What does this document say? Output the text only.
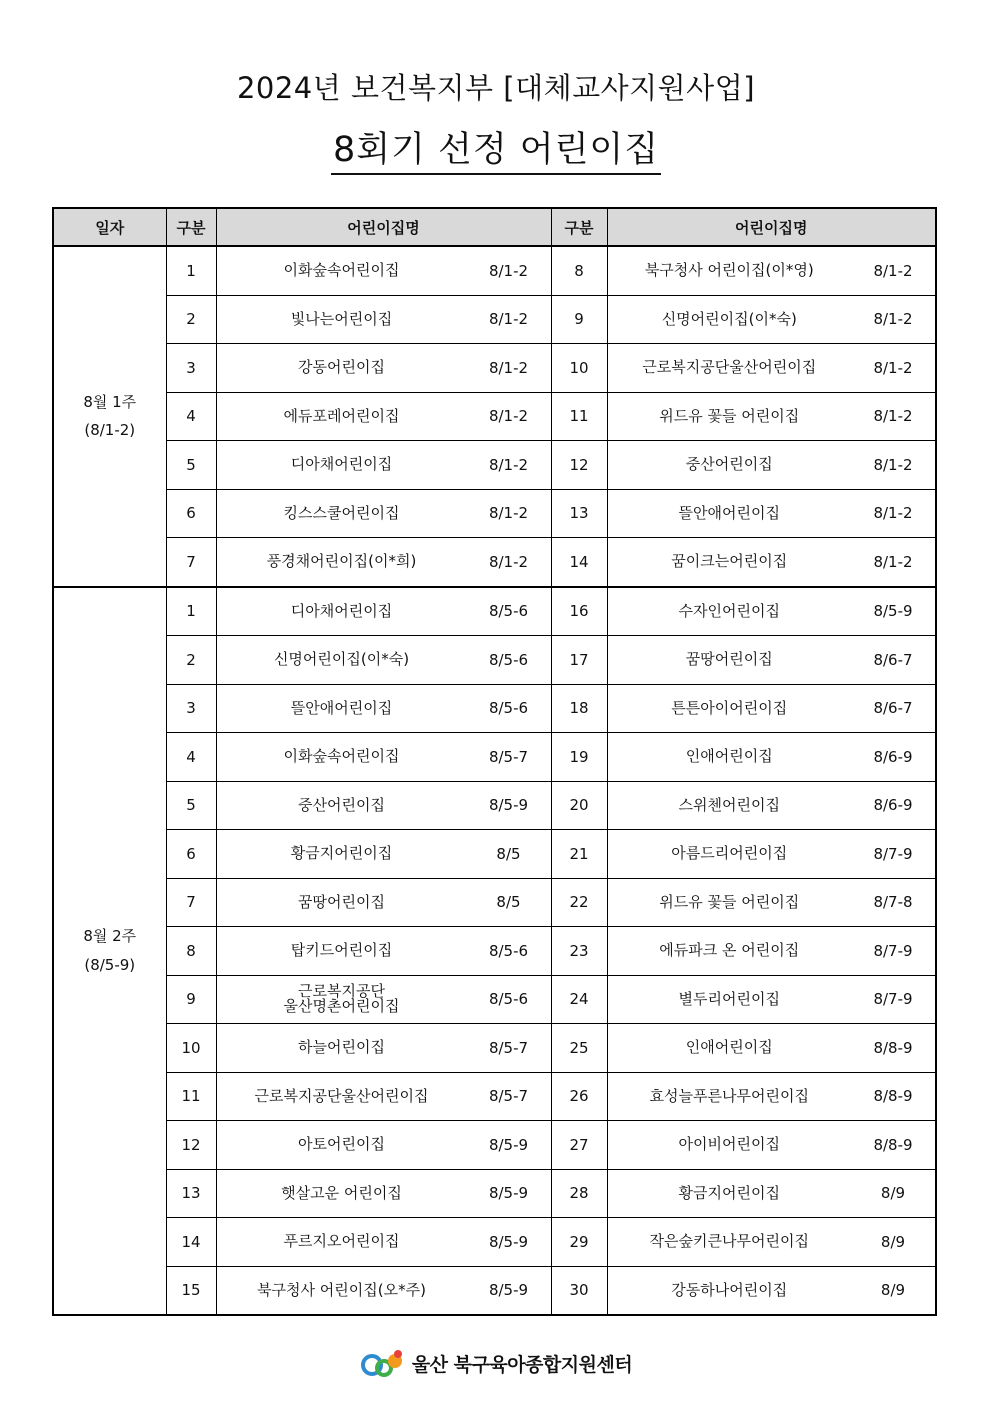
2024년 보건복지부 [대체교사지원사업]
8회기 선정 어린이집
일자	구분	어린이집명	구분	어린이집명

8월 1주
(8/1-2)	1	이화숲속어린이집 8/1-2	8	북구청사 어린이집(이*영) 8/1-2

	2	빛나는어린이집 8/1-2	9	신명어린이집(이*숙) 8/1-2

	3	강동어린이집 8/1-2	10	근로복지공단울산어린이집 8/1-2

	4	에듀포레어린이집 8/1-2	11	위드유 꽃들 어린이집 8/1-2

	5	디아채어린이집 8/1-2	12	중산어린이집 8/1-2

	6	킹스스쿨어린이집 8/1-2	13	뜰안애어린이집 8/1-2

	7	풍경채어린이집(이*희) 8/1-2	14	꿈이크는어린이집 8/1-2

8월 2주
(8/5-9)	1	디아채어린이집 8/5-6	16	수자인어린이집 8/5-9

	2	신명어린이집(이*숙) 8/5-6	17	꿈땅어린이집 8/6-7

	3	뜰안애어린이집 8/5-6	18	튼튼아이어린이집 8/6-7

	4	이화숲속어린이집 8/5-7	19	인애어린이집 8/6-9

	5	중산어린이집 8/5-9	20	스위첸어린이집 8/6-9

	6	황금지어린이집 8/5	21	아름드리어린이집 8/7-9

	7	꿈땅어린이집 8/5	22	위드유 꽃들 어린이집 8/7-8

	8	탑키드어린이집 8/5-6	23	에듀파크 온 어린이집 8/7-9

	9	근로복지공단
울산명촌어린이집 8/5-6	24	별두리어린이집 8/7-9

	10	하늘어린이집 8/5-7	25	인애어린이집 8/8-9

	11	근로복지공단울산어린이집 8/5-7	26	효성늘푸른나무어린이집 8/8-9

	12	아토어린이집 8/5-9	27	아이비어린이집 8/8-9

	13	햇살고운 어린이집 8/5-9	28	황금지어린이집 8/9

	14	푸르지오어린이집 8/5-9	29	작은숲키큰나무어린이집 8/9

	15	북구청사 어린이집(오*주) 8/5-9	30	강동하나어린이집 8/9
울산 북구육아종합지원센터
